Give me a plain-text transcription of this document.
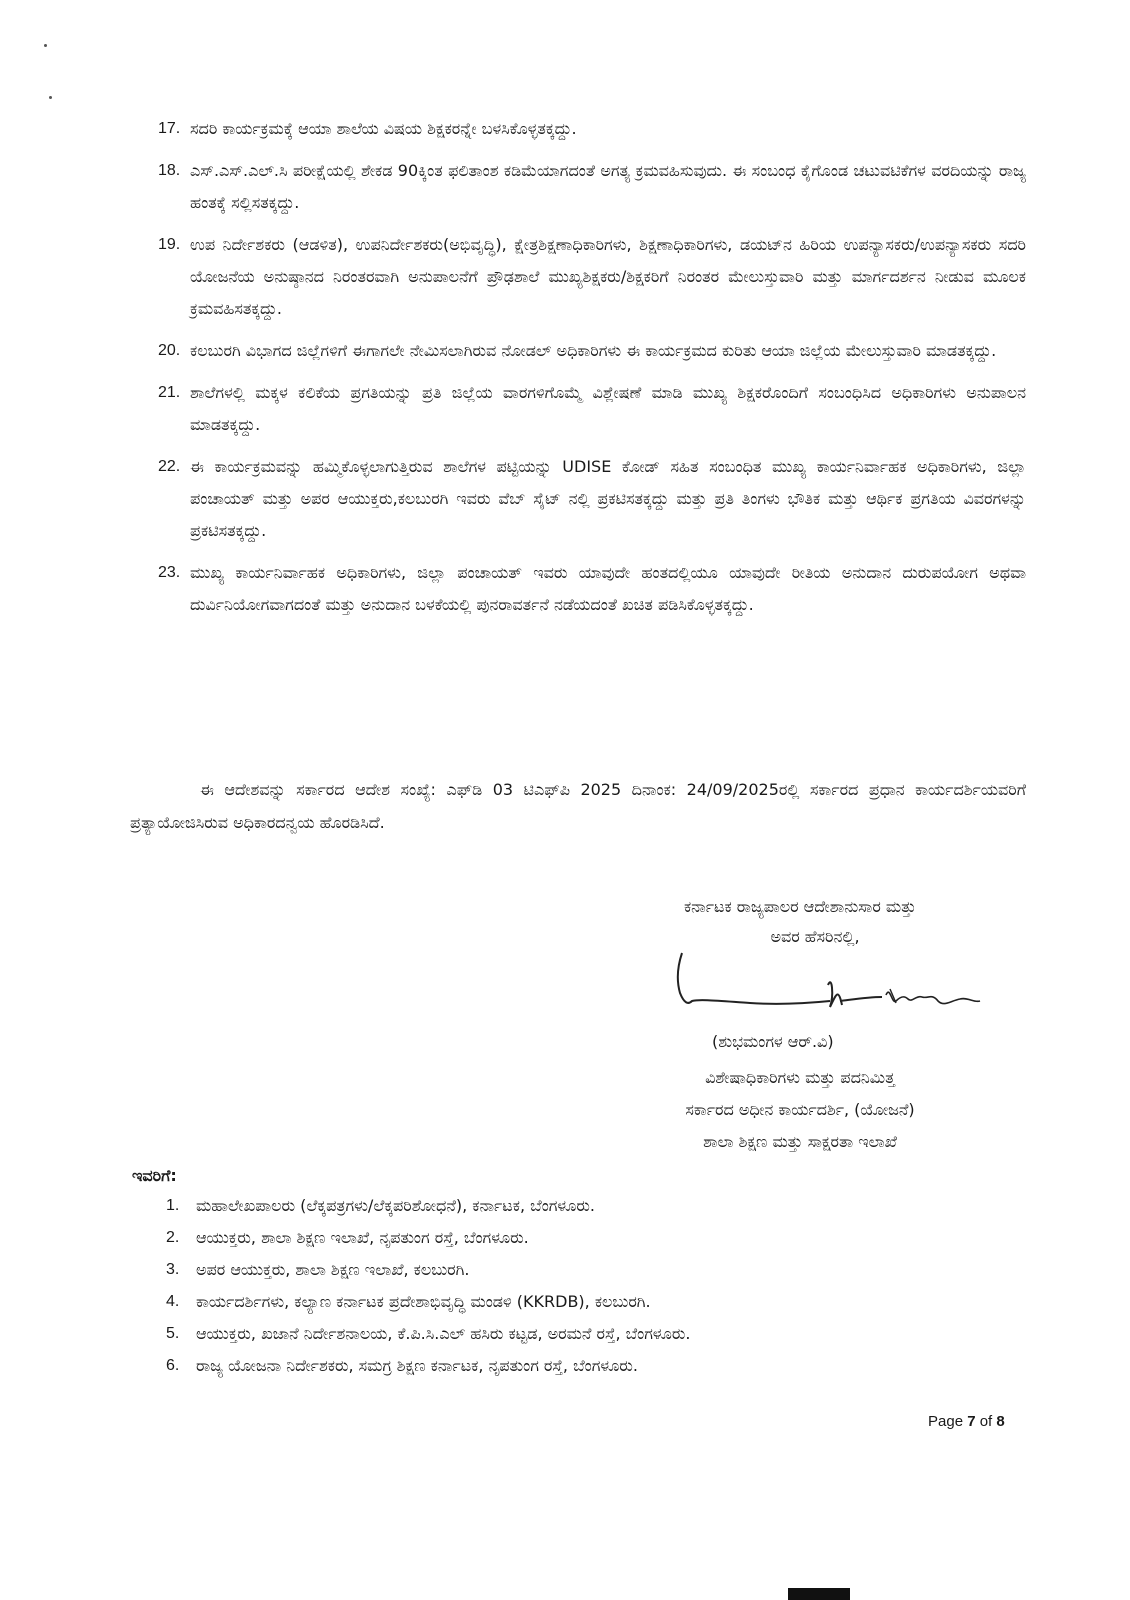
17. ಸದರಿ ಕಾರ್ಯಕ್ರಮಕ್ಕೆ ಆಯಾ ಶಾಲೆಯ ವಿಷಯ ಶಿಕ್ಷಕರನ್ನೇ ಬಳಸಿಕೊಳ್ಳತಕ್ಕದ್ದು.
18. ಎಸ್.ಎಸ್.ಎಲ್.ಸಿ ಪರೀಕ್ಷೆಯಲ್ಲಿ ಶೇಕಡ 90ಕ್ಕಿಂತ ಫಲಿತಾಂಶ ಕಡಿಮೆಯಾಗದಂತೆ ಅಗತ್ಯ ಕ್ರಮವಹಿಸುವುದು. ಈ ಸಂಬಂಧ ಕೈಗೊಂಡ ಚಟುವಟಿಕೆಗಳ ವರದಿಯನ್ನು ರಾಜ್ಯ ಹಂತಕ್ಕೆ ಸಲ್ಲಿಸತಕ್ಕದ್ದು.
19. ಉಪ ನಿರ್ದೇಶಕರು (ಆಡಳಿತ), ಉಪನಿರ್ದೇಶಕರು(ಅಭಿವೃದ್ಧಿ), ಕ್ಷೇತ್ರಶಿಕ್ಷಣಾಧಿಕಾರಿಗಳು, ಶಿಕ್ಷಣಾಧಿಕಾರಿಗಳು, ಡಯಟ್‌ನ ಹಿರಿಯ ಉಪನ್ಯಾಸಕರು/ಉಪನ್ಯಾಸಕರು ಸದರಿ ಯೋಜನೆಯ ಅನುಷ್ಠಾನದ ನಿರಂತರವಾಗಿ ಅನುಪಾಲನೆಗೆ ಪ್ರೌಢಶಾಲೆ ಮುಖ್ಯಶಿಕ್ಷಕರು/ಶಿಕ್ಷಕರಿಗೆ ನಿರಂತರ ಮೇಲುಸ್ತುವಾರಿ ಮತ್ತು ಮಾರ್ಗದರ್ಶನ ನೀಡುವ ಮೂಲಕ ಕ್ರಮವಹಿಸತಕ್ಕದ್ದು.
20. ಕಲಬುರಗಿ ವಿಭಾಗದ ಜಿಲ್ಲೆಗಳಿಗೆ ಈಗಾಗಲೇ ನೇಮಿಸಲಾಗಿರುವ ನೋಡಲ್ ಅಧಿಕಾರಿಗಳು ಈ ಕಾರ್ಯಕ್ರಮದ ಕುರಿತು ಆಯಾ ಜಿಲ್ಲೆಯ ಮೇಲುಸ್ತುವಾರಿ ಮಾಡತಕ್ಕದ್ದು.
21. ಶಾಲೆಗಳಲ್ಲಿ ಮಕ್ಕಳ ಕಲಿಕೆಯ ಪ್ರಗತಿಯನ್ನು ಪ್ರತಿ ಜಿಲ್ಲೆಯ ವಾರಗಳಿಗೊಮ್ಮೆ ವಿಶ್ಲೇಷಣೆ ಮಾಡಿ ಮುಖ್ಯ ಶಿಕ್ಷಕರೊಂದಿಗೆ ಸಂಬಂಧಿಸಿದ ಅಧಿಕಾರಿಗಳು ಅನುಪಾಲನ ಮಾಡತಕ್ಕದ್ದು.
22. ಈ ಕಾರ್ಯಕ್ರಮವನ್ನು ಹಮ್ಮಿಕೊಳ್ಳಲಾಗುತ್ತಿರುವ ಶಾಲೆಗಳ ಪಟ್ಟಿಯನ್ನು UDISE ಕೋಡ್ ಸಹಿತ ಸಂಬಂಧಿತ ಮುಖ್ಯ ಕಾರ್ಯನಿರ್ವಾಹಕ ಅಧಿಕಾರಿಗಳು, ಜಿಲ್ಲಾ ಪಂಚಾಯತ್ ಮತ್ತು ಅಪರ ಆಯುಕ್ತರು,ಕಲಬುರಗಿ ಇವರು ವೆಬ್ ಸೈಟ್ ನಲ್ಲಿ ಪ್ರಕಟಿಸತಕ್ಕದ್ದು ಮತ್ತು ಪ್ರತಿ ತಿಂಗಳು ಭೌತಿಕ ಮತ್ತು ಆರ್ಥಿಕ ಪ್ರಗತಿಯ ವಿವರಗಳನ್ನು ಪ್ರಕಟಿಸತಕ್ಕದ್ದು.
23. ಮುಖ್ಯ ಕಾರ್ಯನಿರ್ವಾಹಕ ಅಧಿಕಾರಿಗಳು, ಜಿಲ್ಲಾ ಪಂಚಾಯತ್ ಇವರು ಯಾವುದೇ ಹಂತದಲ್ಲಿಯೂ ಯಾವುದೇ ರೀತಿಯ ಅನುದಾನ ದುರುಪಯೋಗ ಅಥವಾ ದುರ್ವಿನಿಯೋಗವಾಗದಂತೆ ಮತ್ತು ಅನುದಾನ ಬಳಕೆಯಲ್ಲಿ ಪುನರಾವರ್ತನೆ ನಡೆಯದಂತೆ ಖಚಿತ ಪಡಿಸಿಕೊಳ್ಳತಕ್ಕದ್ದು.

ಈ ಆದೇಶವನ್ನು ಸರ್ಕಾರದ ಆದೇಶ ಸಂಖ್ಯೆ: ಎಫ್‌ಡಿ 03 ಟಿಎಫ್‌ಪಿ 2025 ದಿನಾಂಕ: 24/09/2025ರಲ್ಲಿ ಸರ್ಕಾರದ ಪ್ರಧಾನ ಕಾರ್ಯದರ್ಶಿಯವರಿಗೆ ಪ್ರತ್ಯಾಯೋಜಿಸಿರುವ ಅಧಿಕಾರದನ್ವಯ ಹೊರಡಿಸಿದೆ.

ಕರ್ನಾಟಕ ರಾಜ್ಯಪಾಲರ ಆದೇಶಾನುಸಾರ ಮತ್ತು
ಅವರ ಹೆಸರಿನಲ್ಲಿ,
(ಶುಭಮಂಗಳ ಆರ್.ವಿ)
ವಿಶೇಷಾಧಿಕಾರಿಗಳು ಮತ್ತು ಪದನಿಮಿತ್ತ
ಸರ್ಕಾರದ ಅಧೀನ ಕಾರ್ಯದರ್ಶಿ, (ಯೋಜನೆ)
ಶಾಲಾ ಶಿಕ್ಷಣ ಮತ್ತು ಸಾಕ್ಷರತಾ ಇಲಾಖೆ
ಇವರಿಗೆ:
1.	ಮಹಾಲೇಖಪಾಲರು (ಲೆಕ್ಕಪತ್ರಗಳು/ಲೆಕ್ಕಪರಿಶೋಧನೆ), ಕರ್ನಾಟಕ, ಬೆಂಗಳೂರು.
2.	ಆಯುಕ್ತರು, ಶಾಲಾ ಶಿಕ್ಷಣ ಇಲಾಖೆ, ನೃಪತುಂಗ ರಸ್ತೆ, ಬೆಂಗಳೂರು.
3.	ಅಪರ ಆಯುಕ್ತರು, ಶಾಲಾ ಶಿಕ್ಷಣ ಇಲಾಖೆ, ಕಲಬುರಗಿ.
4.	ಕಾರ್ಯದರ್ಶಿಗಳು, ಕಲ್ಯಾಣ ಕರ್ನಾಟಕ ಪ್ರದೇಶಾಭಿವೃದ್ಧಿ ಮಂಡಳಿ (KKRDB), ಕಲಬುರಗಿ.
5.	ಆಯುಕ್ತರು, ಖಜಾನೆ ನಿರ್ದೇಶನಾಲಯ, ಕೆ.ಪಿ.ಸಿ.ಎಲ್ ಹಸಿರು ಕಟ್ಟಡ, ಅರಮನೆ ರಸ್ತೆ, ಬೆಂಗಳೂರು.
6.	ರಾಜ್ಯ ಯೋಜನಾ ನಿರ್ದೇಶಕರು, ಸಮಗ್ರ ಶಿಕ್ಷಣ ಕರ್ನಾಟಕ, ನೃಪತುಂಗ ರಸ್ತೆ, ಬೆಂಗಳೂರು.
Page 7 of 8
